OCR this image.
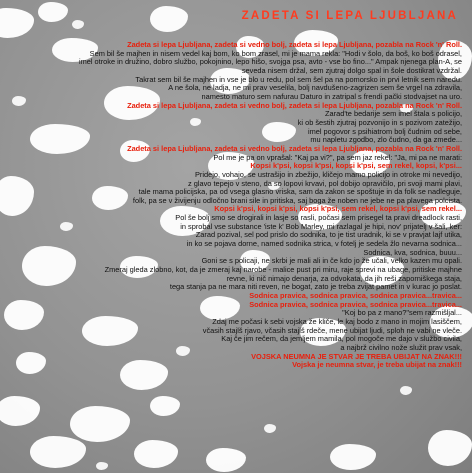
ZADETA SI LEPA LJUBLJANA
Zadeta si lepa Ljubljana, zadeta si vedno bolj, zadeta si lepa Ljubljana, pozabla na Rock 'n' Roll.
Sem bil še majhen in nisem vedel kaj bom, ko bom zrasel, mi je mama rekla: "Hodi v šolo, da boš, ko boš odrasel,
imel otroke in družino, dobro službo, pokojnino, lepo hišo, svojga psa, avto - vse bo fino..." Ampak njenega plan-A, se
seveda nisem držal, sem zjutraj dolgo spal in šole dostikrat vzdržal.
Takrat sem bil še majhen in vse je blo u redu, pol sem šel pa na pomorsko in prvi letnik sem naredu.
A ne šola, ne ladja, ne mi prav veselila, bolj navdušeno-zagrizen sem še vrgel na zdravila,
namesto maturo sem nafurau Daturo in zatripal s frendi pački stodvajset na uro.
Zadeta si lepa Ljubljana, zadeta si vedno bolj, zadeta si lepa Ljubljana, pozabla na Rock 'n' Roll.
Zarad'te bedarije sem imel štala s policijo,
ki ob šestih zjutraj pozvonijo in s pozivom zatežijo,
imel pogovor s psihiatrom bolj čudnim od sebe,
mu napletu zgodbo, zlo čudno, da ga zmede...
Zadeta si lepa Ljubljana, zadeta si vedno bolj, zadeta si lepa Ljubljana, pozabla na Rock 'n' Roll.
Pol me je pa on vprašal: "Kaj pa vi?", pa sem jaz rekel: "Ja, mi pa ne marati:
Kopsi k'psi, kopsi k'psi, kopsi k'psi, sem rekel, kopsi, k'psi...
Pridejo, vohajo, se ustrašijo in zbežijo, kličejo mamo policijo in otroke mi nevedijo,
z glavo tepejo v steno, da so lopovi krvavi, pol dobijo opravičilo, pri svoji mami plavi,
tale mama policijska, pa od vsega glasno vriska, sam da zakon se spoštuje in da folk se nadleguje,
folk, pa se v živijenju odločno brani sile in pritiska, saj boga že noben ne jebe ne pa plavega polcista.
Kopsi k'psi, kopsi k'psi, kopsi k'psi, sem rekel, kopsi k'psi, sem rekel...
Pol še bolj smo se drogirali in lasje so rasli, počasi sem prisegel ta pravi dreadlock rasti,
in sprobal vse substance 'iste k' Bob Marley, mi razlagal je hipi, nov' prijatelj v šali, ker:
Zarad pozival, sel pod prislo do sodnika, to je tist uradnik, ki se v pravjat lajf utika,
in ko se pojava dorne, named sodnika strica, v fotelj je sedela žlo nevarna sodnica...
Sodnica, kva, sodnica, buuu...
Goni se s policaji, ne skrbi je mali ali in če kdo jo že učali, velko kazen mu opali.
Zmeraj gleda zlobno, kot, da je zmeraj kaj narobe - malice pust pri miru, raje sprevi na ubage, pritiske majhne
revne, ki nič nimajo denarja, za odvokata, da jih reši zaporniškega staja,
tega stanja pa ne mara niti reven, ne bogat, zato je treba zvijat pamet in v kurac jo poslat.
Sodnica pravica, sodnica pravica, sodnica pravica...travica...
Sodnica pravica, sodnica pravica, sodnica pravica...travica...
"Koj bo pa z mano?"sem razmišljal...
Zdaj me počasi k sebi vojska že kliče, le kaj bodo z mano in mojim lasiščem,
včasih stajlš rjavo, včasih stajlš rdeče, mene ubijat ljudi, sploh ne vabi ne vleče.
Kaj če jim rečem, da jemljem mamila, pol mogoče me dajo v službo civila,
a najbrž civilno nože služit prav vsak,
VOJSKA NEUMNA JE STVAR JE TREBA UBIJAT NA ZNAK!!!
Vojska je neumna stvar, je treba ubijat na znak!!!
